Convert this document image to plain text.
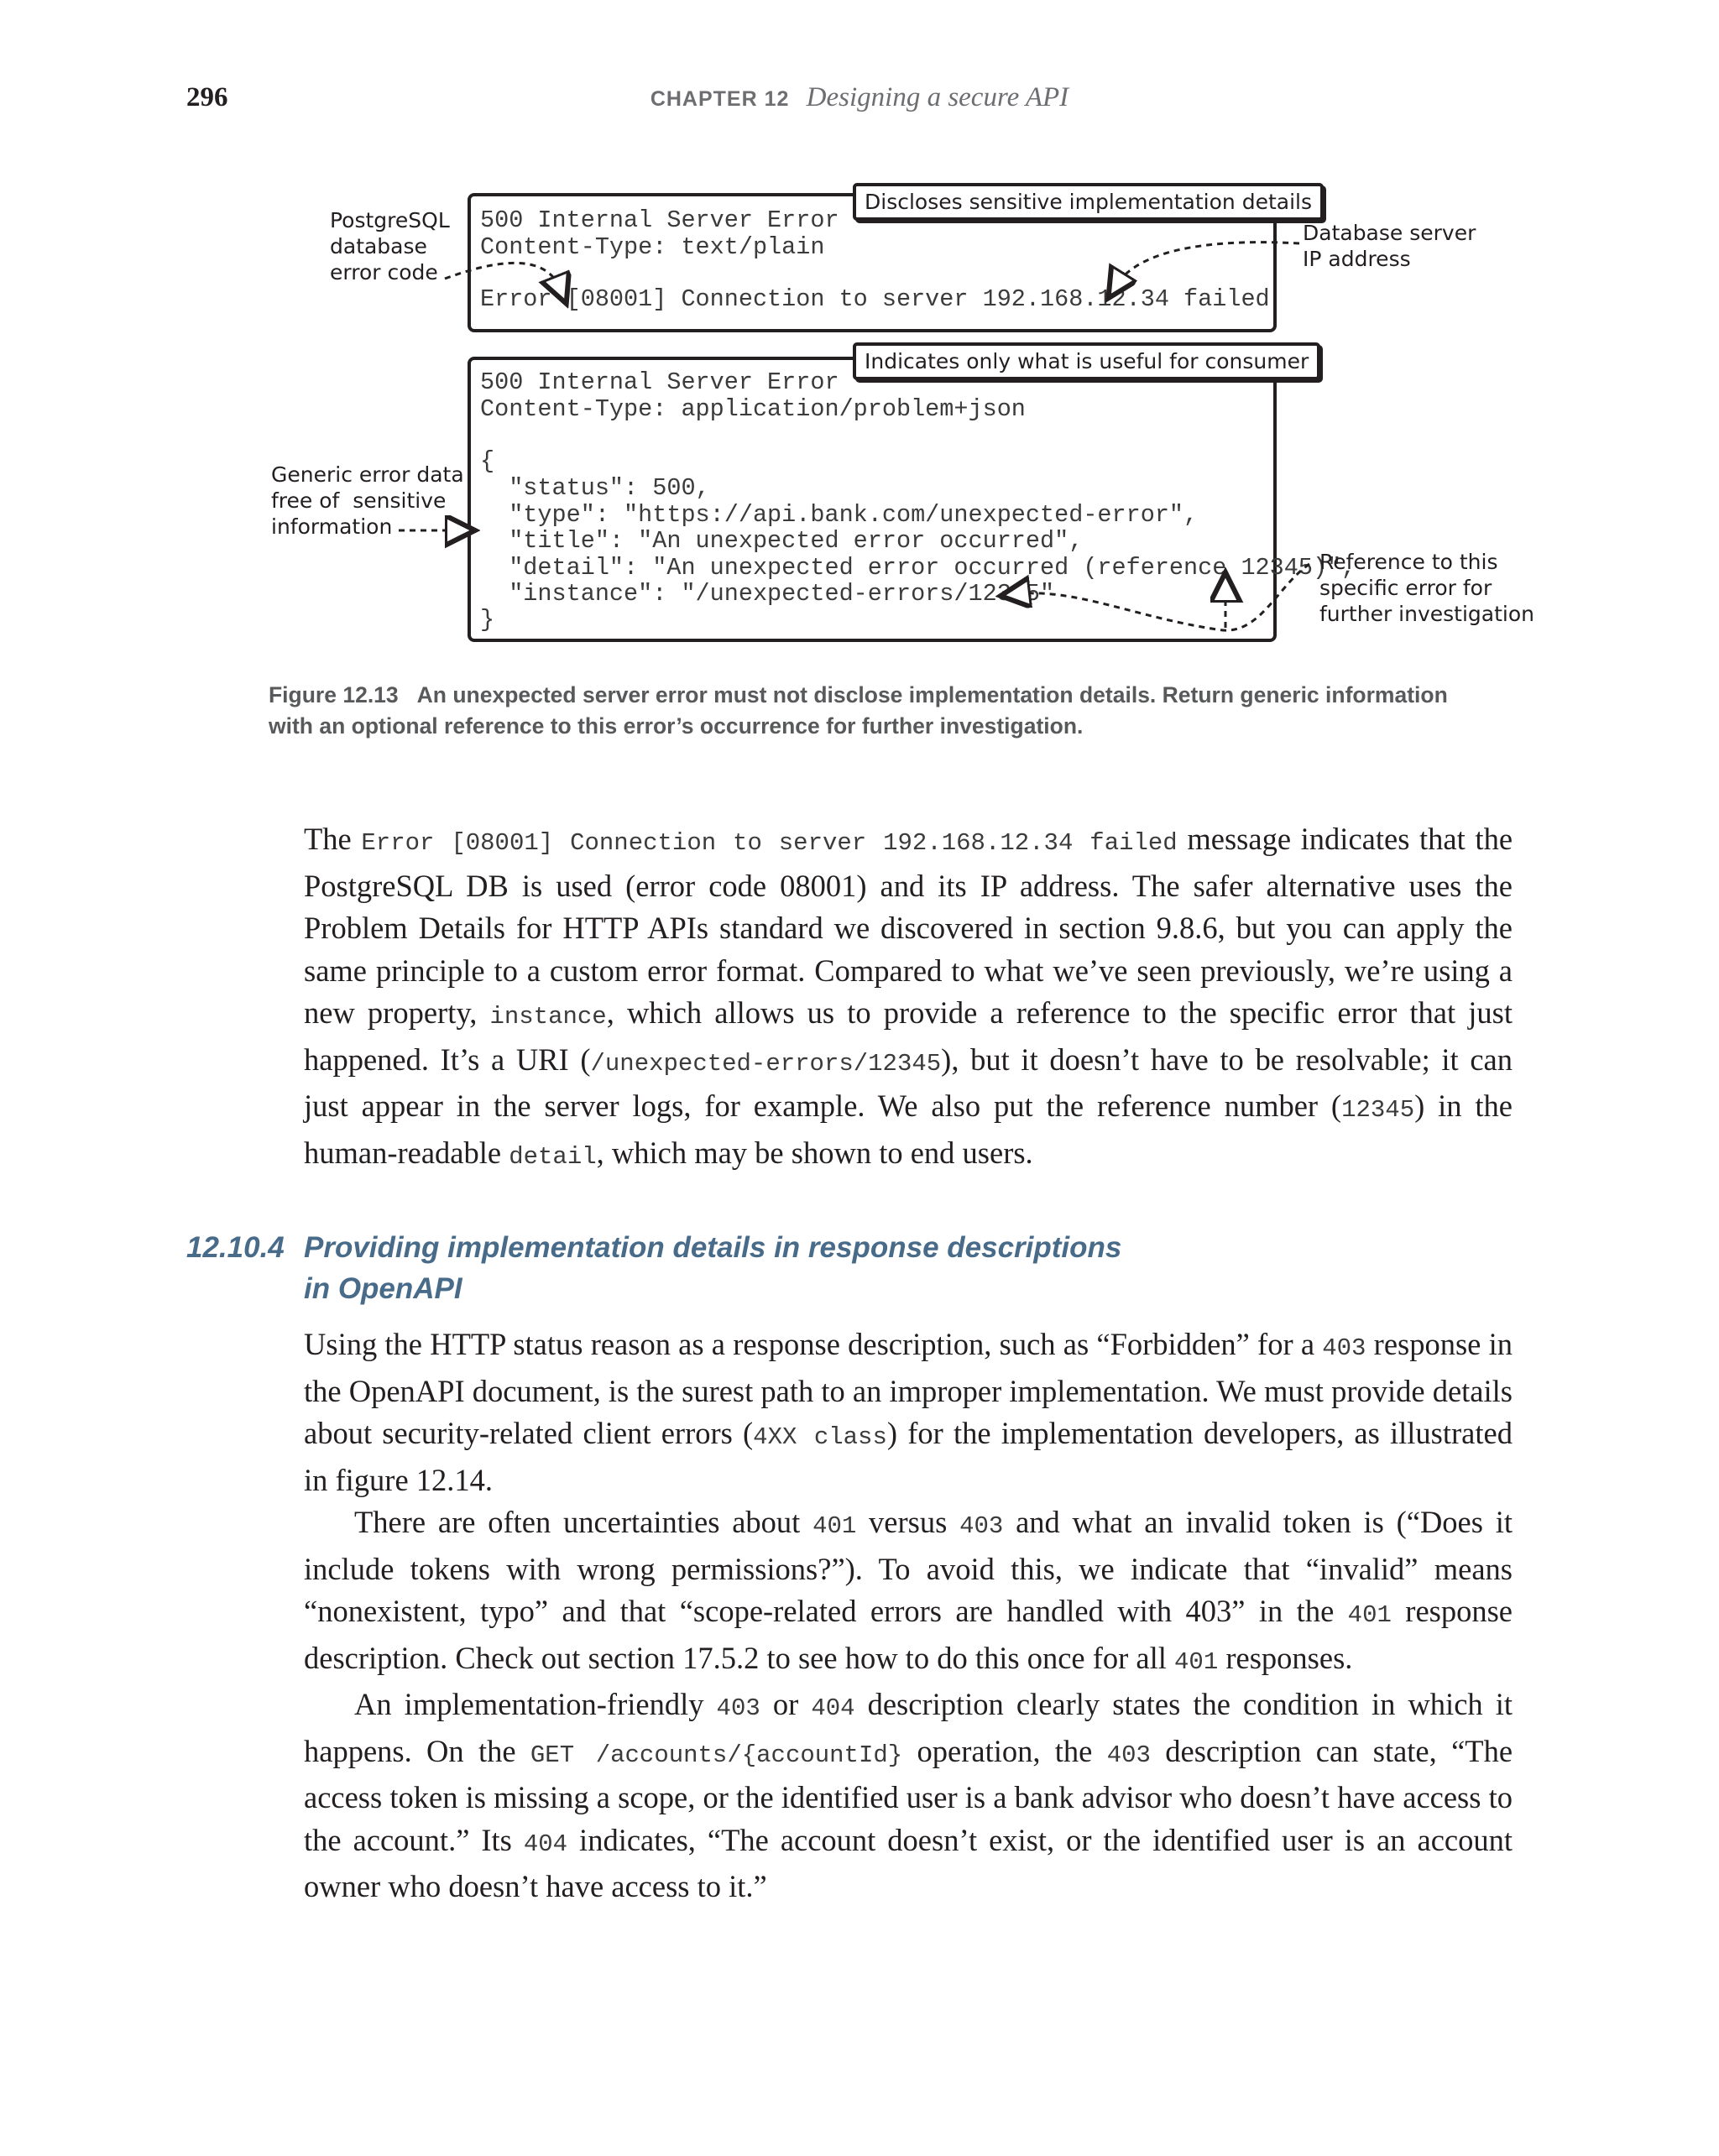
296	CHAPTER 12 Designing a secure API
500 Internal Server Error
Content-Type: text/plain
Error [08001] Connection to server 192.168.12.34 failed
500 Internal Server Error
Content-Type: application/problem+json
{
"status": 500,
"type": "https://api.bank.com/unexpected-error",
"title": "An unexpected error occurred",
"detail": "An unexpected error occurred (reference 12345)",
"instance": "/unexpected-errors/12345"
}
Discloses sensitive implementation details
Indicates only what is useful for consumer
PostgreSQL
database
error code
Database server
IP address
Generic error data
free of  sensitive
information
Reference to this
specific error for
further investigation
Figure 12.13 An unexpected server error must not disclose implementation details. Return generic information with an optional reference to this error’s occurrence for further investigation.

The Error [08001] Connection to server 192.168.12.34 failed message indicates that the PostgreSQL DB is used (error code 08001) and its IP address. The safer alternative uses the Problem Details for HTTP APIs standard we discovered in section 9.8.6, but you can apply the same principle to a custom error format. Compared to what we’ve seen previously, we’re using a new property, instance, which allows us to provide a reference to the specific error that just happened. It’s a URI (/unexpected-errors/12345), but it doesn’t have to be resolvable; it can just appear in the server logs, for example. We also put the reference number (12345) in the human-readable detail, which may be shown to end users.

12.10.4 Providing implementation details in response descriptions
in OpenAPI

Using the HTTP status reason as a response description, such as “Forbidden” for a 403 response in the OpenAPI document, is the surest path to an improper implementation. We must provide details about security-related client errors (4XX class) for the implementation developers, as illustrated in figure 12.14.

There are often uncertainties about 401 versus 403 and what an invalid token is (“Does it include tokens with wrong permissions?”). To avoid this, we indicate that “invalid” means “nonexistent, typo” and that “scope-related errors are handled with 403” in the 401 response description. Check out section 17.5.2 to see how to do this once for all 401 responses.

An implementation-friendly 403 or 404 description clearly states the condition in which it happens. On the GET /accounts/{accountId} operation, the 403 description can state, “The access token is missing a scope, or the identified user is a bank advisor who doesn’t have access to the account.” Its 404 indicates, “The account doesn’t exist, or the identified user is an account owner who doesn’t have access to it.”
